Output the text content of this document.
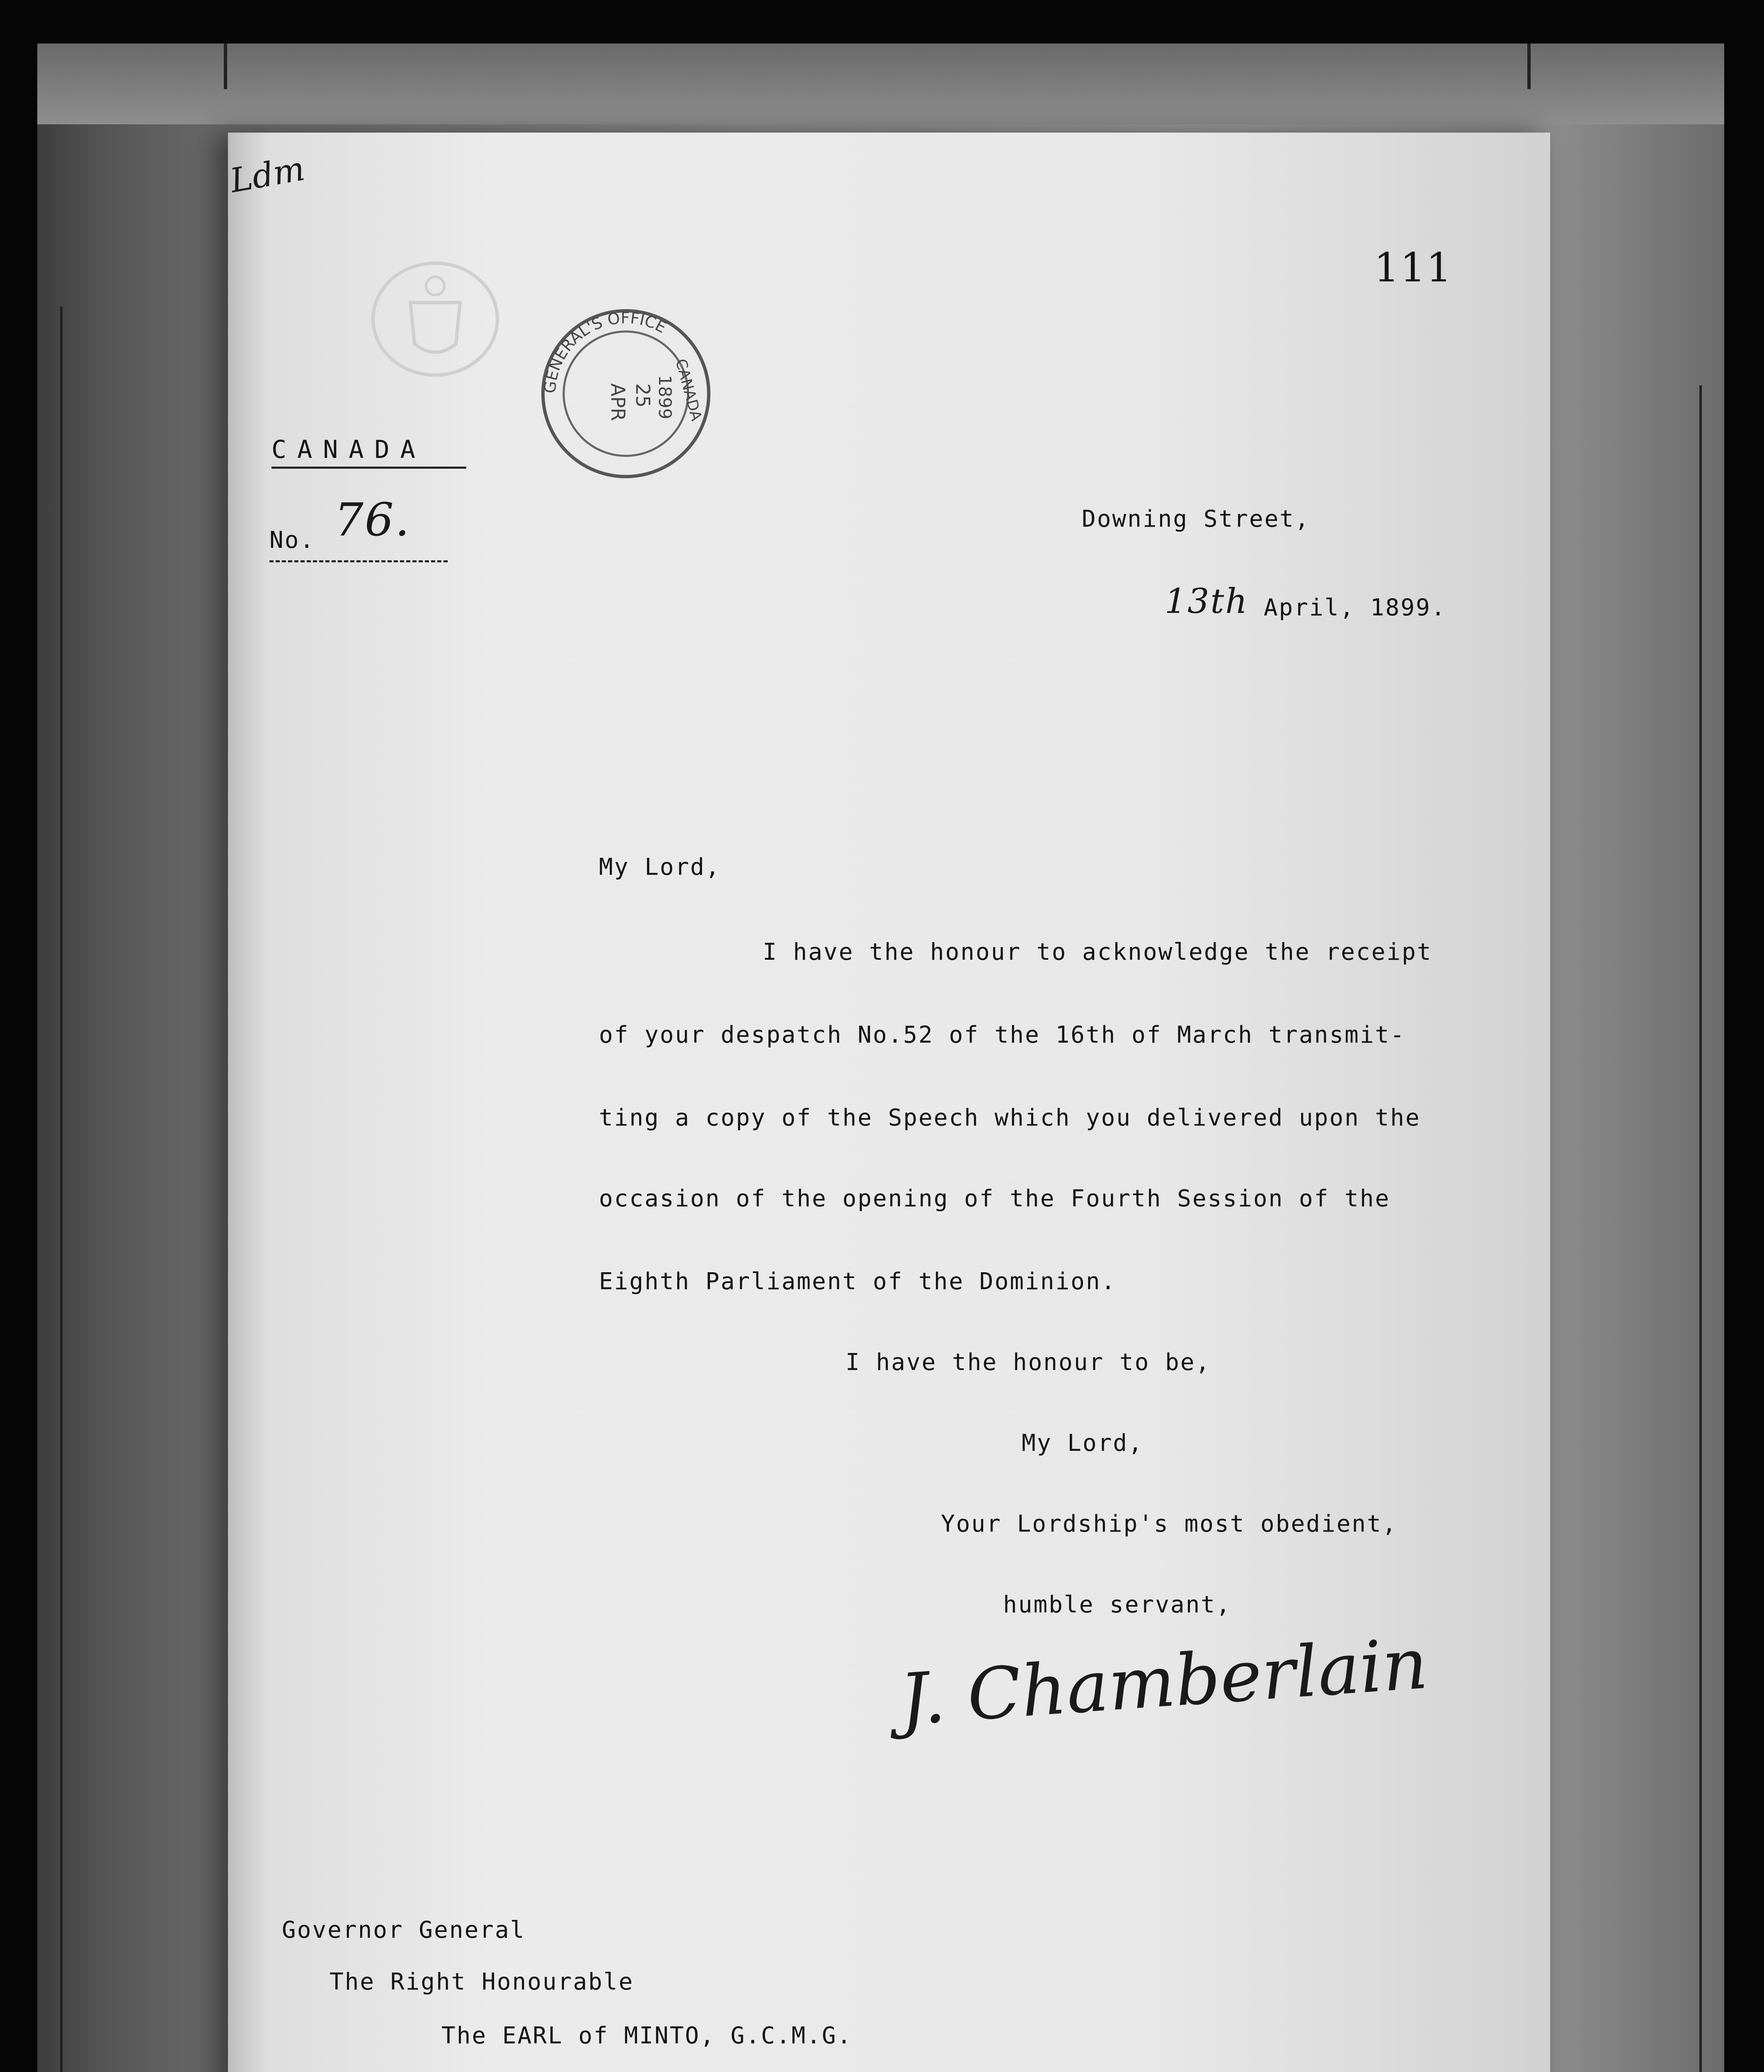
Ldm
111
GENERAL'S OFFICE
APR 25 1899
CANADA
CANADA
No. 76.	Downing Street,
13th April, 1899.
My Lord,
I have the honour to acknowledge the receipt
of your despatch No.52 of the 16th of March transmit-
ting a copy of the Speech which you delivered upon the
occasion of the opening of the Fourth Session of the
Eighth Parliament of the Dominion.
I have the honour to be,
My Lord,
Your Lordship's most obedient,
humble servant,
J. Chamberlain
Governor General
The Right Honourable
The EARL of MINTO, G.C.M.G.
